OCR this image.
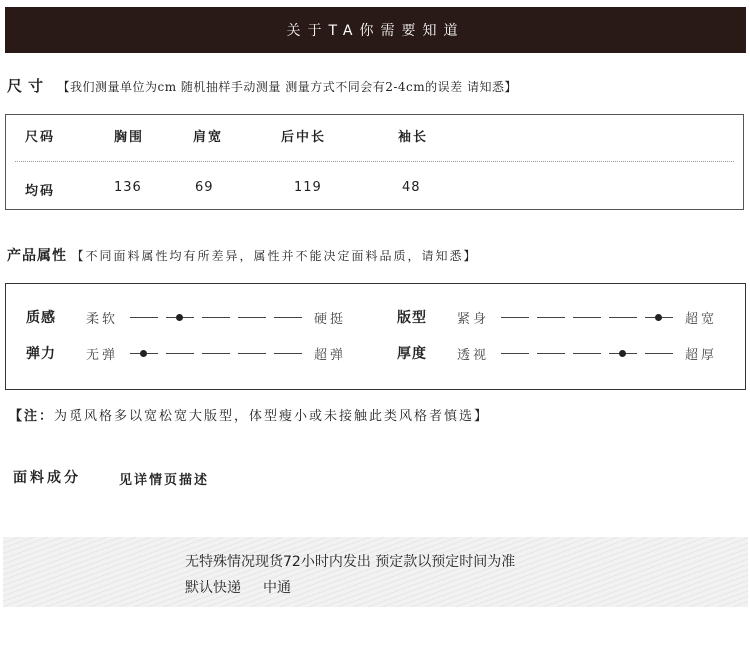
关于TA你需要知道
尺寸 【我们测量单位为cm 随机抽样手动测量 测量方式不同会有2-4cm的误差 请知悉】
尺码	胸围	肩宽	后中长	袖长
均码	136	69	119	48
产品属性 【不同面料属性均有所差异，属性并不能决定面料品质，请知悉】
质感	柔软	硬挺
弹力	无弹	超弹
版型	紧身	超宽
厚度	透视	超厚
【注：为觅风格多以宽松宽大版型，体型瘦小或未接触此类风格者慎选】
面料成分	见详情页描述
无特殊情况现货72小时内发出 预定款以预定时间为准
默认快递 中通
